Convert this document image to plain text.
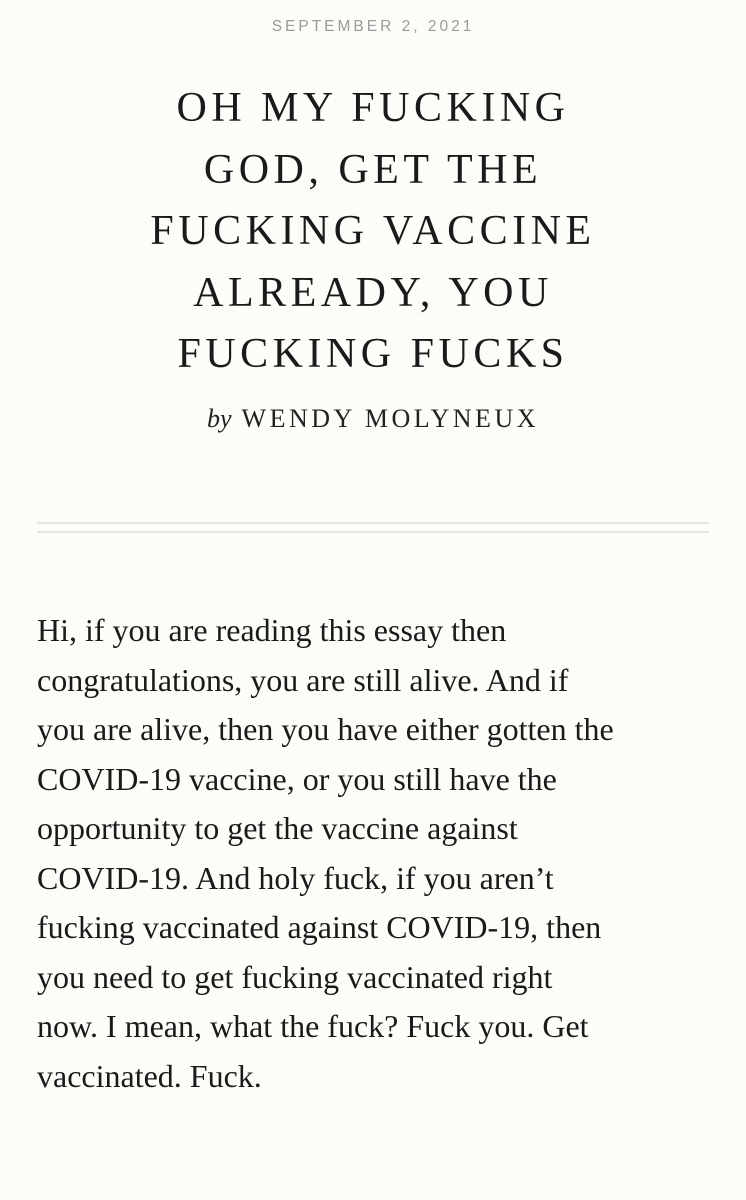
SEPTEMBER 2, 2021
OH MY FUCKING
GOD, GET THE
FUCKING VACCINE
ALREADY, YOU
FUCKING FUCKS
by WENDY MOLYNEUX

Hi, if you are reading this essay then
congratulations, you are still alive. And if
you are alive, then you have either gotten the
COVID-19 vaccine, or you still have the
opportunity to get the vaccine against
COVID-19. And holy fuck, if you aren’t
fucking vaccinated against COVID-19, then
you need to get fucking vaccinated right
now. I mean, what the fuck? Fuck you. Get
vaccinated. Fuck.
